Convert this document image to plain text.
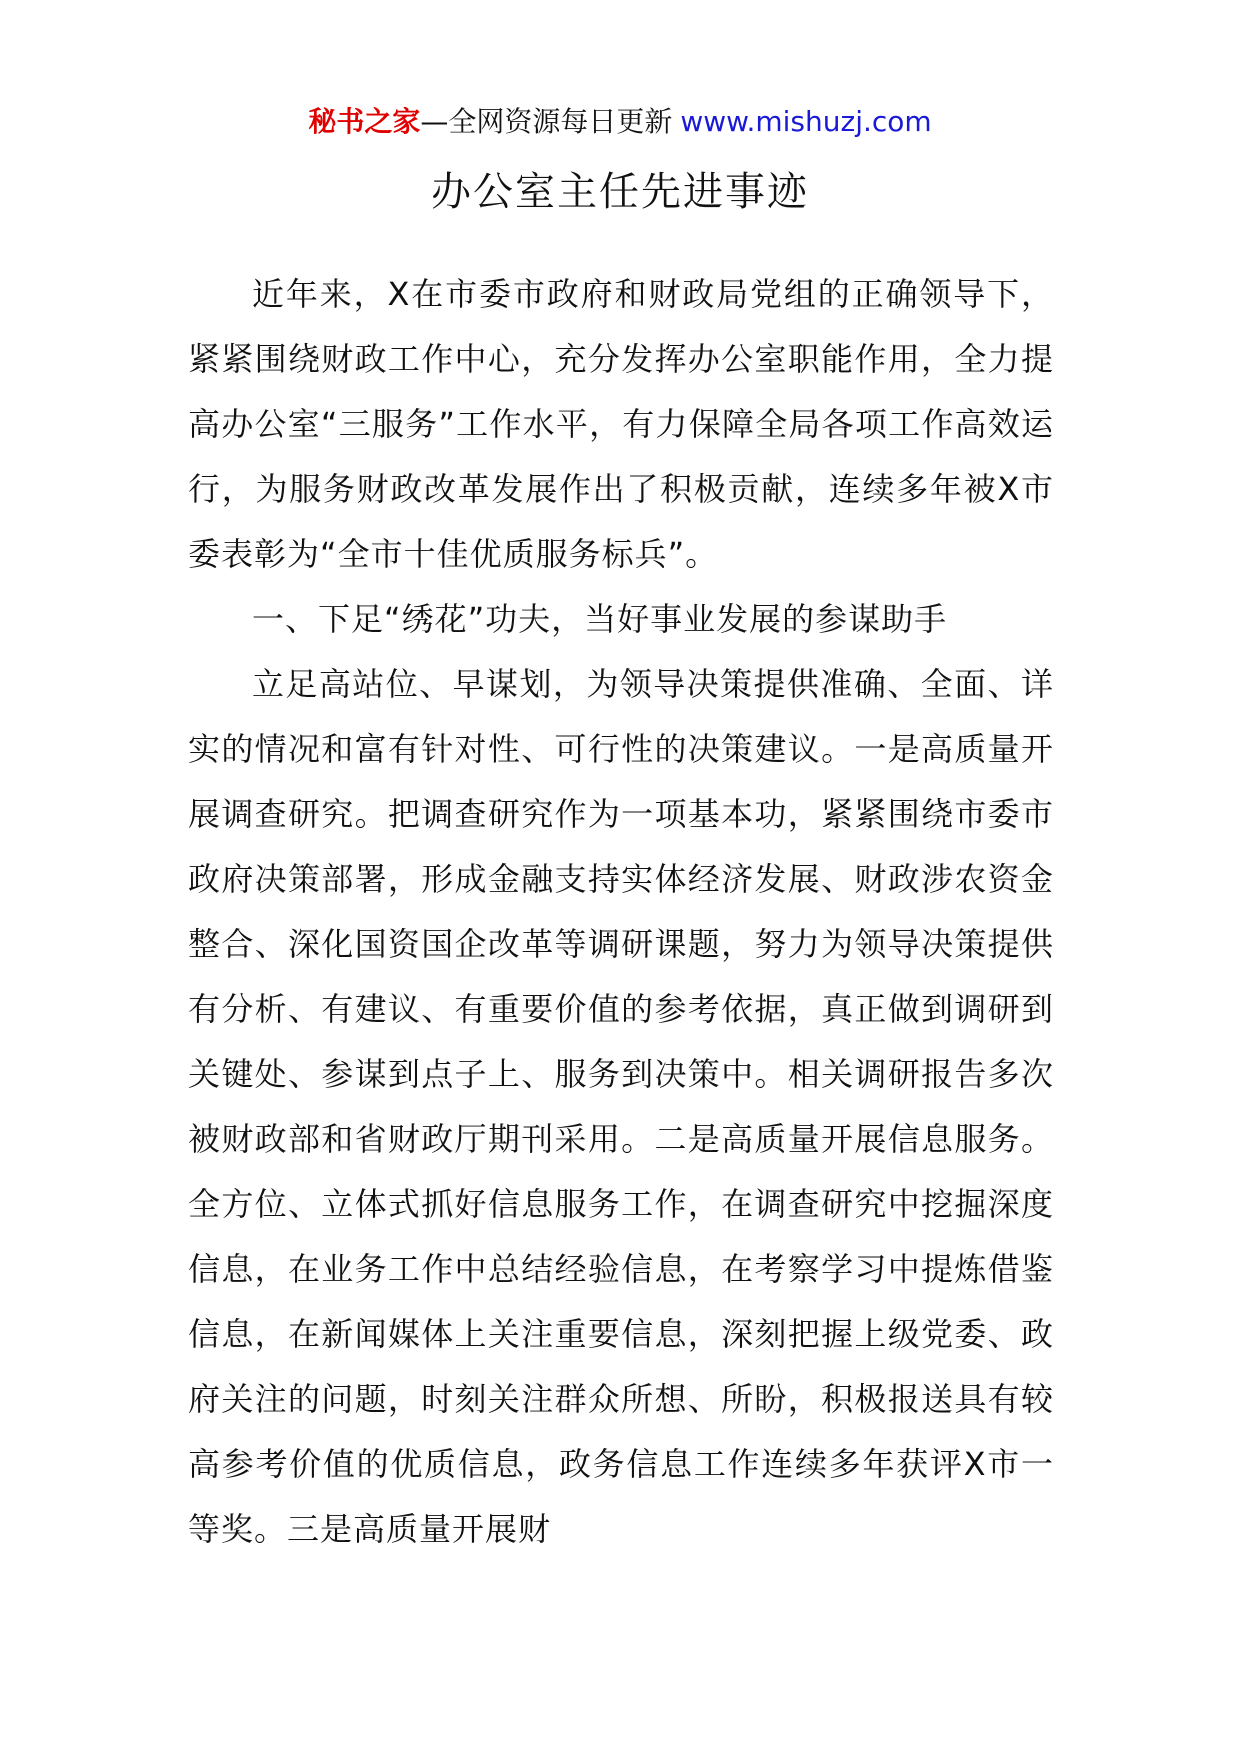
秘书之家—全网资源每日更新 www.mishuzj.com
办公室主任先进事迹

近年来，X在市委市政府和财政局党组的正确领导下，紧紧围绕财政工作中心，充分发挥办公室职能作用，全力提高办公室“三服务”工作水平，有力保障全局各项工作高效运行，为服务财政改革发展作出了积极贡献，连续多年被X市委表彰为“全市十佳优质服务标兵”。

一、下足“绣花”功夫，当好事业发展的参谋助手

立足高站位、早谋划，为领导决策提供准确、全面、详实的情况和富有针对性、可行性的决策建议。一是高质量开展调查研究。把调查研究作为一项基本功，紧紧围绕市委市政府决策部署，形成金融支持实体经济发展、财政涉农资金整合、深化国资国企改革等调研课题，努力为领导决策提供有分析、有建议、有重要价值的参考依据，真正做到调研到关键处、参谋到点子上、服务到决策中。相关调研报告多次被财政部和省财政厅期刊采用。二是高质量开展信息服务。全方位、立体式抓好信息服务工作，在调查研究中挖掘深度信息，在业务工作中总结经验信息，在考察学习中提炼借鉴信息，在新闻媒体上关注重要信息，深刻把握上级党委、政府关注的问题，时刻关注群众所想、所盼，积极报送具有较高参考价值的优质信息，政务信息工作连续多年获评X市一等奖。三是高质量开展财
